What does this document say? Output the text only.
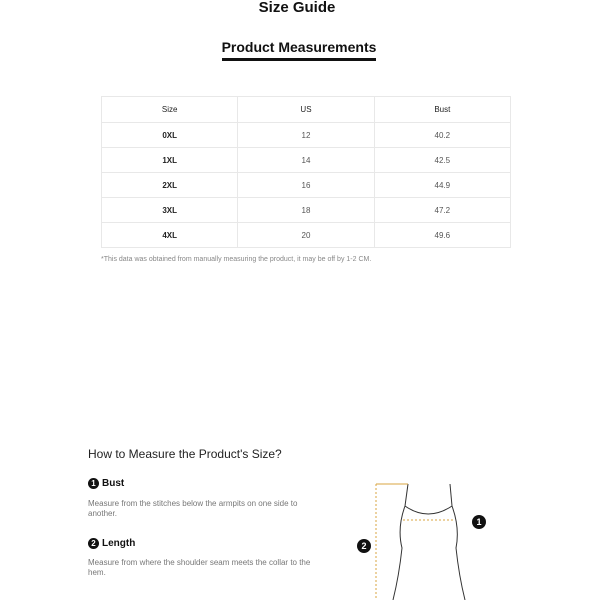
Size Guide
Product Measurements
Size	US	Bust
0XL	12	40.2
1XL	14	42.5
2XL	16	44.9
3XL	18	47.2
4XL	20	49.6
*This data was obtained from manually measuring the product, it may be off by 1-2 CM.
How to Measure the Product's Size?
1 Bust
Measure from the stitches below the armpits on one side to another.
2 Length
Measure from where the shoulder seam meets the collar to the hem.
1
2
